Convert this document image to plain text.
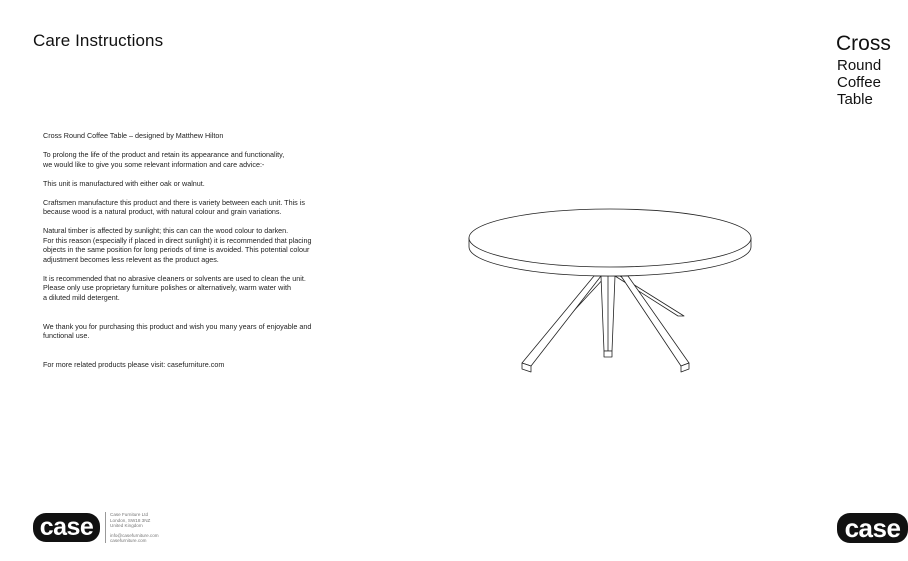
Care Instructions

Cross Round Coffee Table – designed by Matthew Hilton

To prolong the life of the product and retain its appearance and functionality,
we would like to give you some relevant information and care advice:-

This unit is manufactured with either oak or walnut.

Craftsmen manufacture this product and there is variety between each unit. This is
because wood is a natural product, with natural colour and grain variations.

Natural timber is affected by sunlight; this can can the wood colour to darken.
For this reason (especially if placed in direct sunlight) it is recommended that placing
objects in the same position for long periods of time is avoided. This potential colour
adjustment becomes less relevent as the product ages.

It is recommended that no abrasive cleaners or solvents are used to clean the unit.
Please only use proprietary furniture polishes or alternatively, warm water with
a diluted mild detergent.

We thank you for purchasing this product and wish you many years of enjoyable and
functional use.

For more related products please visit: casefurniture.com

case	Case Furniture Ltd
London, SW18 3NZ
United Kingdom
info@casefurniture.com
casefurniture.com
Cross
Round Coffee Table
case
